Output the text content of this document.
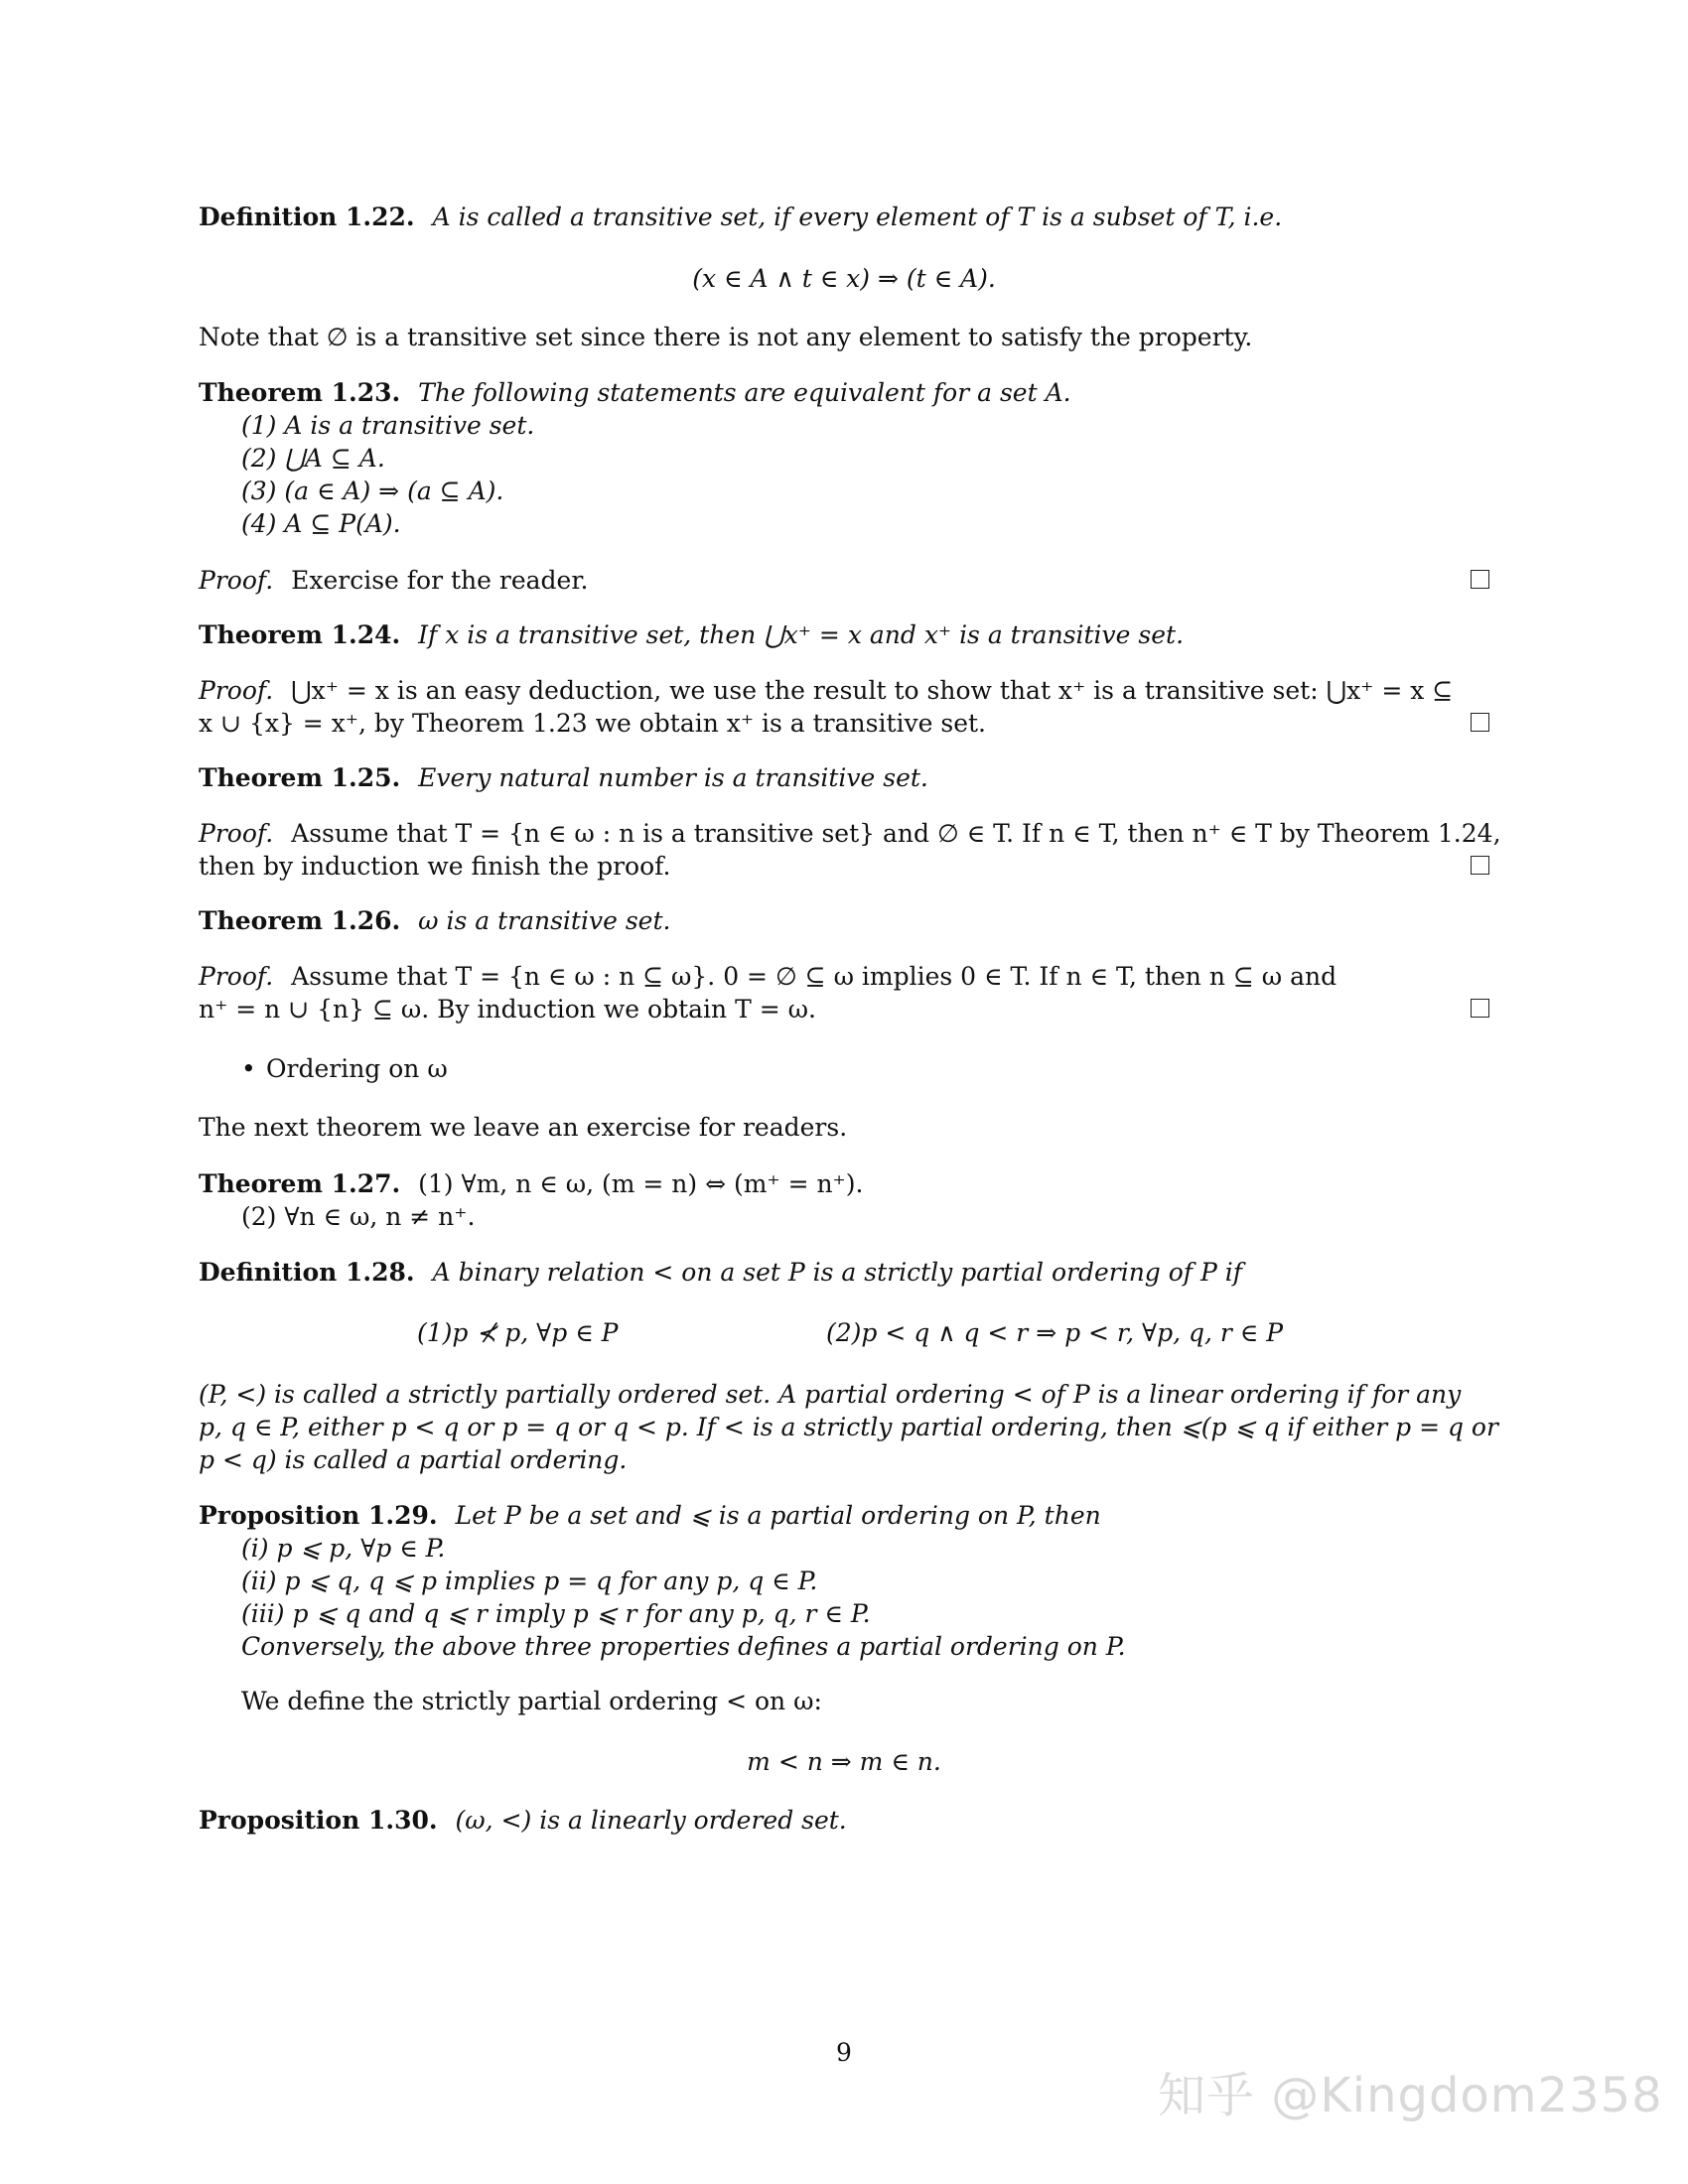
Definition 1.22. A is called a transitive set, if every element of T is a subset of T, i.e.
(x ∈ A ∧ t ∈ x) ⇒ (t ∈ A).
Note that ∅ is a transitive set since there is not any element to satisfy the property.
Theorem 1.23. The following statements are equivalent for a set A.
(1) A is a transitive set.
(2) ⋃A ⊆ A.
(3) (a ∈ A) ⇒ (a ⊆ A).
(4) A ⊆ P(A).
Proof. Exercise for the reader.
Theorem 1.24. If x is a transitive set, then ⋃x⁺ = x and x⁺ is a transitive set.
Proof. ⋃x⁺ = x is an easy deduction, we use the result to show that x⁺ is a transitive set: ⋃x⁺ = x ⊆
x ∪ {x} = x⁺, by Theorem 1.23 we obtain x⁺ is a transitive set.
Theorem 1.25. Every natural number is a transitive set.
Proof. Assume that T = {n ∈ ω : n is a transitive set} and ∅ ∈ T. If n ∈ T, then n⁺ ∈ T by Theorem 1.24,
then by induction we finish the proof.
Theorem 1.26. ω is a transitive set.
Proof. Assume that T = {n ∈ ω : n ⊆ ω}. 0 = ∅ ⊆ ω implies 0 ∈ T. If n ∈ T, then n ⊆ ω and
n⁺ = n ∪ {n} ⊆ ω. By induction we obtain T = ω.
• Ordering on ω
The next theorem we leave an exercise for readers.
Theorem 1.27. (1) ∀m, n ∈ ω, (m = n) ⇔ (m⁺ = n⁺).
(2) ∀n ∈ ω, n ≠ n⁺.
Definition 1.28. A binary relation < on a set P is a strictly partial ordering of P if
(1)p ⊀ p, ∀p ∈ P	(2)p < q ∧ q < r ⇒ p < r, ∀p, q, r ∈ P
(P, <) is called a strictly partially ordered set. A partial ordering < of P is a linear ordering if for any
p, q ∈ P, either p < q or p = q or q < p. If < is a strictly partial ordering, then ⩽(p ⩽ q if either p = q or
p < q) is called a partial ordering.
Proposition 1.29. Let P be a set and ⩽ is a partial ordering on P, then
(i) p ⩽ p, ∀p ∈ P.
(ii) p ⩽ q, q ⩽ p implies p = q for any p, q ∈ P.
(iii) p ⩽ q and q ⩽ r imply p ⩽ r for any p, q, r ∈ P.
Conversely, the above three properties defines a partial ordering on P.
We define the strictly partial ordering < on ω:
m < n ⇒ m ∈ n.
Proposition 1.30. (ω, <) is a linearly ordered set.
9
知乎 @Kingdom2358
